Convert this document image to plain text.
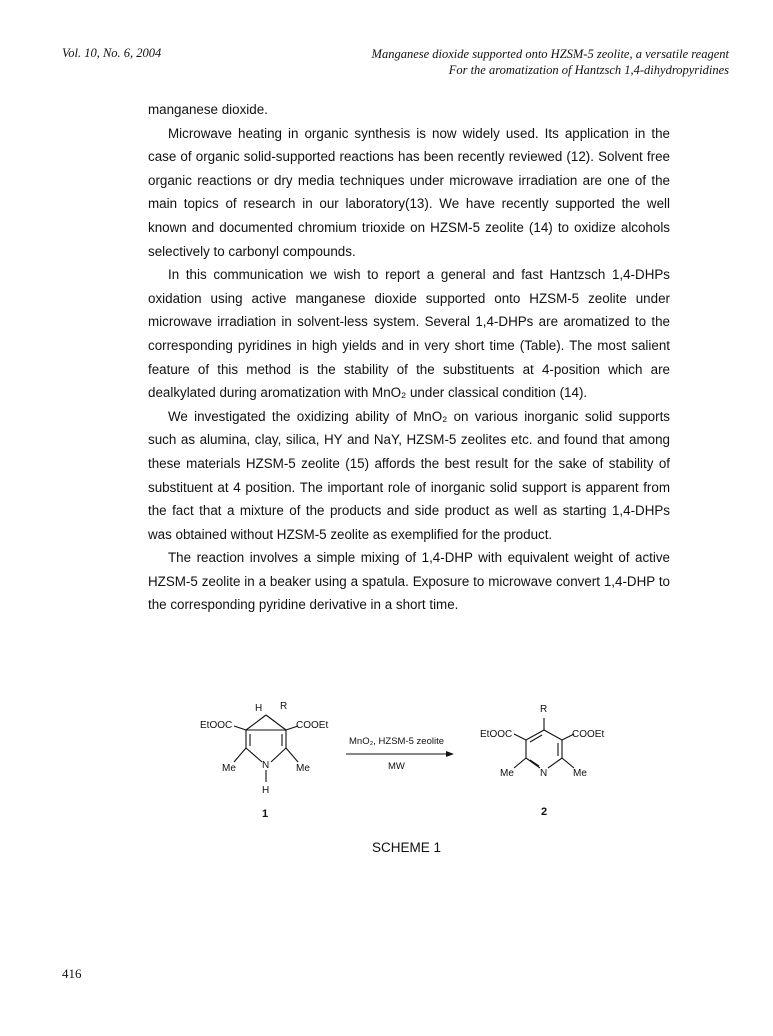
Vol. 10, No. 6, 2004	Manganese dioxide supported onto HZSM-5 zeolite, a versatile reagent
For the aromatization of Hantzsch 1,4-dihydropyridines

manganese dioxide.

Microwave heating in organic synthesis is now widely used. Its application in the case of organic solid-supported reactions has been recently reviewed (12). Solvent free organic reactions or dry media techniques under microwave irradiation are one of the main topics of research in our laboratory(13). We have recently supported the well known and documented chromium trioxide on HZSM-5 zeolite (14) to oxidize alcohols selectively to carbonyl compounds.

In this communication we wish to report a general and fast Hantzsch 1,4-DHPs oxidation using active manganese dioxide supported onto HZSM-5 zeolite under microwave irradiation in solvent-less system. Several 1,4-DHPs are aromatized to the corresponding pyridines in high yields and in very short time (Table). The most salient feature of this method is the stability of the substituents at 4-position which are dealkylated during aromatization with MnO₂ under classical condition (14).

We investigated the oxidizing ability of MnO₂ on various inorganic solid supports such as alumina, clay, silica, HY and NaY, HZSM-5 zeolites etc. and found that among these materials HZSM-5 zeolite (15) affords the best result for the sake of stability of substituent at 4 position. The important role of inorganic solid support is apparent from the fact that a mixture of the products and side product as well as starting 1,4-DHPs was obtained without HZSM-5 zeolite as exemplified for the product.

The reaction involves a simple mixing of 1,4-DHP with equivalent weight of active HZSM-5 zeolite in a beaker using a spatula. Exposure to microwave convert 1,4-DHP to the corresponding pyridine derivative in a short time.

H R
EtOOC	COOEt
Me	N	Me
H
1
MnO₂, HZSM-5 zeolite
MW
R
EtOOC	COOEt
Me	N	Me
2
SCHEME 1
416
